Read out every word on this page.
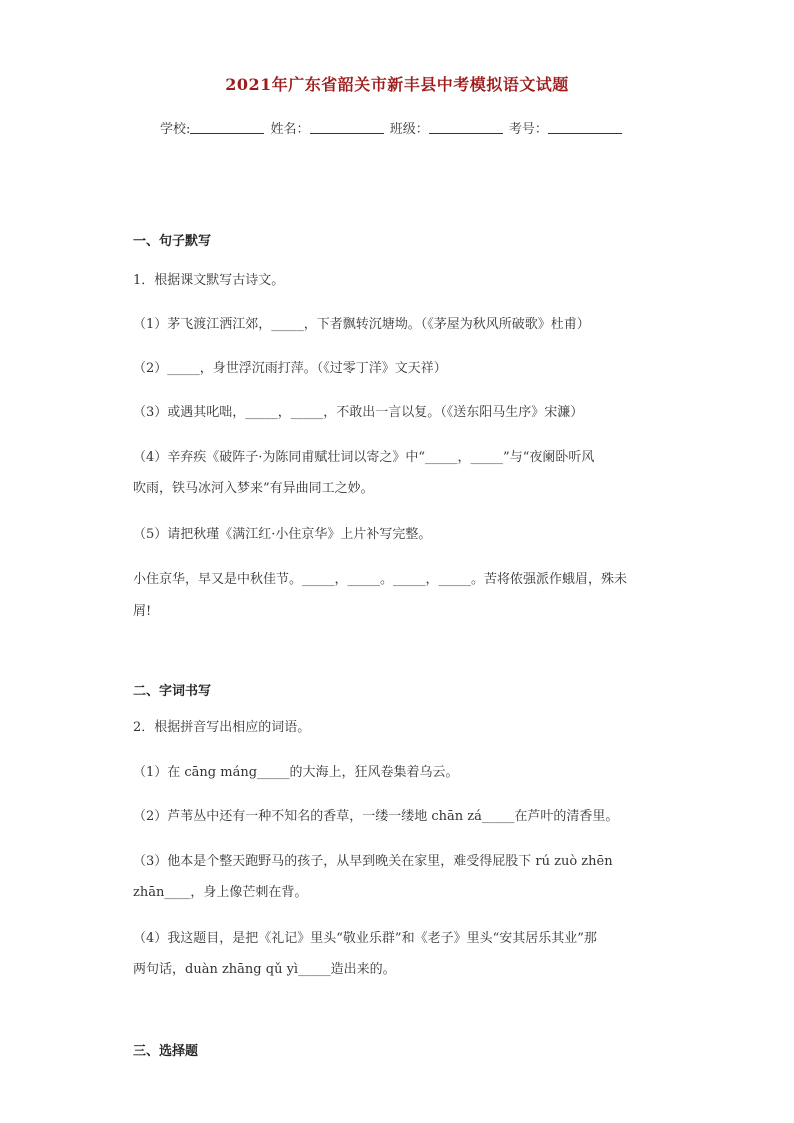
2021年广东省韶关市新丰县中考模拟语文试题
学校:	姓名：	班级：	考号：
一、句子默写
1．根据课文默写古诗文。
（1）茅飞渡江洒江郊，_____，下者飘转沉塘坳。（《茅屋为秋风所破歌》杜甫）
（2）_____，身世浮沉雨打萍。（《过零丁洋》文天祥）
（3）或遇其叱咄，_____，_____，不敢出一言以复。（《送东阳马生序》宋濂）
（4）辛弃疾《破阵子·为陈同甫赋壮词以寄之》中“_____，_____”与“夜阑卧听风
吹雨，铁马冰河入梦来”有异曲同工之妙。
（5）请把秋瑾《满江红·小住京华》上片补写完整。
小住京华，早又是中秋佳节。_____，_____。_____，_____。苦将侬强派作蛾眉，殊未
屑!
二、字词书写
2．根据拼音写出相应的词语。
（1）在 cāng máng_____的大海上，狂风卷集着乌云。
（2）芦苇丛中还有一种不知名的香草，一缕一缕地 chān zá_____在芦叶的清香里。
（3）他本是个整天跑野马的孩子，从早到晚关在家里，难受得屁股下 rú zuò zhēn
zhān____，身上像芒刺在背。
（4）我这题目，是把《礼记》里头“敬业乐群”和《老子》里头“安其居乐其业”那
两句话，duàn zhāng qǔ yì_____造出来的。
三、选择题
